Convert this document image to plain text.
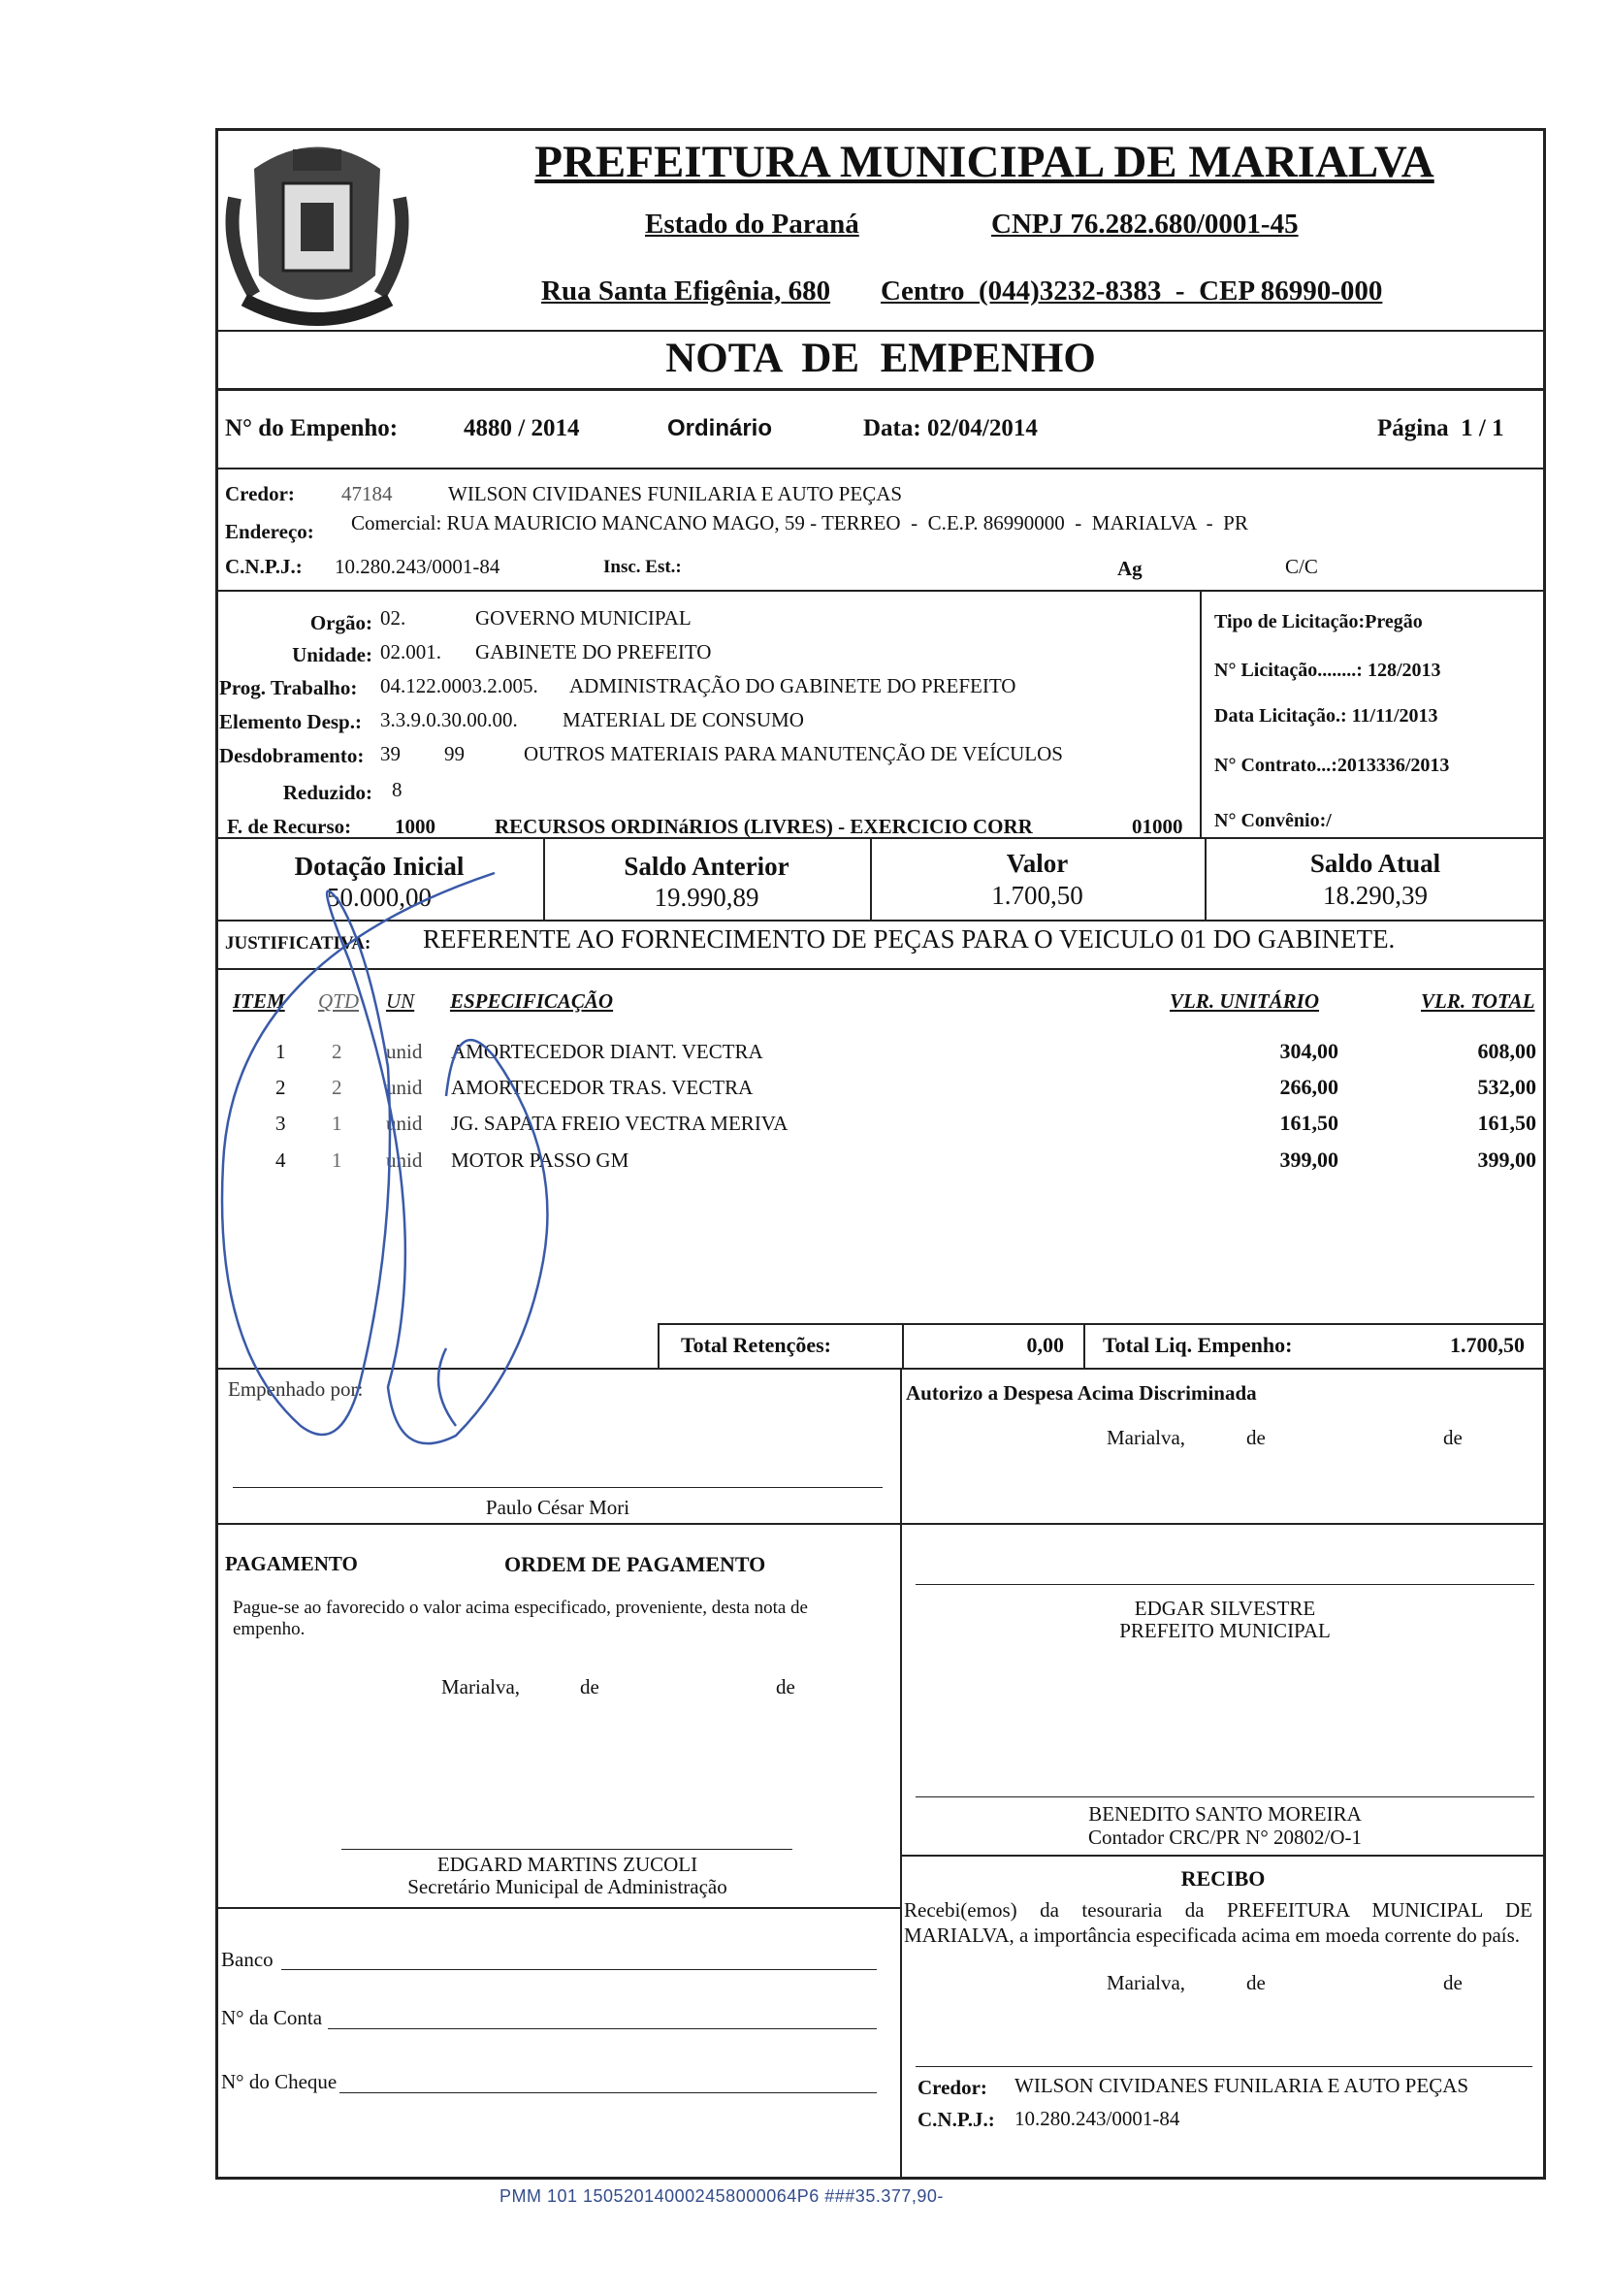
PREFEITURA MUNICIPAL DE MARIALVA
Estado do Paraná	CNPJ 76.282.680/0001-45
Rua Santa Efigênia, 680 Centro  (044)3232-8383  -  CEP 86990-000
NOTA  DE  EMPENHO
N° do Empenho:	4880 / 2014	Ordinário	Data: 02/04/2014	Página  1 / 1
Credor: 47184	WILSON CIVIDANES FUNILARIA E AUTO PEÇAS
Endereço: Comercial: RUA MAURICIO MANCANO MAGO, 59 - TERREO  -  C.E.P. 86990000  -  MARIALVA  -  PR
C.N.P.J.: 10.280.243/0001-84	Insc. Est.:	Ag	C/C
Orgão: 02.	GOVERNO MUNICIPAL
Unidade: 02.001. GABINETE DO PREFEITO
Prog. Trabalho: 04.122.0003.2.005. ADMINISTRAÇÃO DO GABINETE DO PREFEITO
Elemento Desp.: 3.3.9.0.30.00.00. MATERIAL DE CONSUMO
Desdobramento: 39 99	OUTROS MATERIAIS PARA MANUTENÇÃO DE VEÍCULOS
Reduzido: 8
F. de Recurso: 1000	RECURSOS ORDINáRIOS (LIVRES) - EXERCICIO CORR	01000
Tipo de Licitação:Pregão
N° Licitação........: 128/2013
Data Licitação.: 11/11/2013
N° Contrato...:2013336/2013
N° Convênio:/
Dotação Inicial
50.000,00
Saldo Anterior
19.990,89
Valor
1.700,50
Saldo Atual
18.290,39
JUSTIFICATIVA: REFERENTE AO FORNECIMENTO DE PEÇAS PARA O VEICULO 01 DO GABINETE.
ITEM QTD UN ESPECIFICAÇÃO	VLR. UNITÁRIO	VLR. TOTAL
1 2 unid AMORTECEDOR DIANT. VECTRA	304,00	608,00
2 2 unid AMORTECEDOR TRAS. VECTRA	266,00	532,00
3 1 unid JG. SAPATA FREIO VECTRA MERIVA	161,50	161,50
4 1 unid MOTOR PASSO GM	399,00	399,00
Total Retenções:	0,00 Total Liq. Empenho:	1.700,50
Empenhado por:
Paulo César Mori
Autorizo a Despesa Acima Discriminada
Marialva,	de	de
PAGAMENTO	ORDEM DE PAGAMENTO
Pague-se ao favorecido o valor acima especificado, proveniente, desta nota de empenho.
Marialva,	de	de
EDGARD MARTINS ZUCOLI
Secretário Municipal de Administração
EDGAR SILVESTRE
PREFEITO MUNICIPAL
BENEDITO SANTO MOREIRA
Contador CRC/PR N° 20802/O-1
RECIBO
Recebi(emos) da tesouraria da PREFEITURA MUNICIPAL DE MARIALVA, a importância especificada acima em moeda corrente do país.
Marialva,	de	de
Credor: WILSON CIVIDANES FUNILARIA E AUTO PEÇAS
C.N.P.J.: 10.280.243/0001-84
Banco
N° da Conta
N° do Cheque
PMM 101 150520140002458000064P6 ###35.377,90-
